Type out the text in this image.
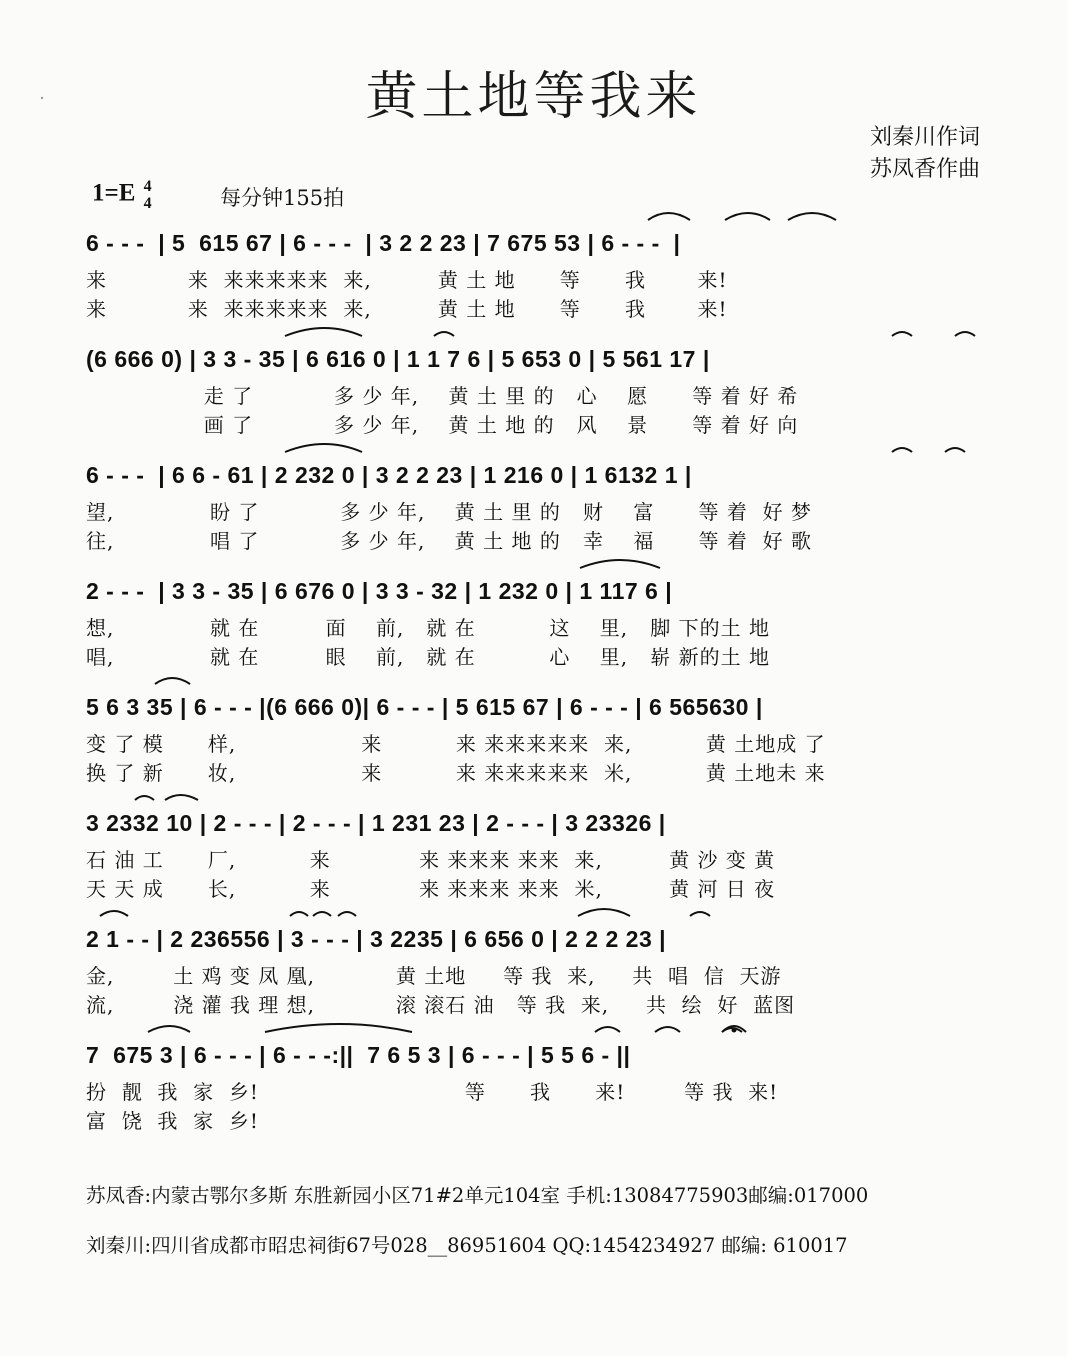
黄土地等我来
刘秦川作词
苏凤香作曲
1=E 4
4	每分钟155拍
6 - - -  | 5  615 67 | 6 - - -  | 3 2 2 23 | 7 675 53 | 6 - - -  |
来           来  来来来来来  来,         黄 土 地      等      我       来!
来           来  来来来来来  来,         黄 土 地      等      我       来!
(6 666 0) | 3 3 - 35 | 6 616 0 | 1 1 7 6 | 5 653 0 | 5 561 17 |
走 了           多 少 年,    黄 土 里 的   心    愿      等 着 好 希
画 了           多 少 年,    黄 土 地 的   风    景      等 着 好 向
6 - - -  | 6 6 - 61 | 2 232 0 | 3 2 2 23 | 1 216 0 | 1 6132 1 |
望,             盼 了           多 少 年,    黄 土 里 的   财    富      等 着  好 梦
往,             唱 了           多 少 年,    黄 土 地 的   幸    福      等 着  好 歌
2 - - -  | 3 3 - 35 | 6 676 0 | 3 3 - 32 | 1 232 0 | 1 117 6 |
想,             就 在         面    前,   就 在          这    里,   脚 下的土 地
唱,             就 在         眼    前,   就 在          心    里,   崭 新的土 地
5 6 3 35 | 6 - - - |(6 666 0)| 6 - - - | 5 615 67 | 6 - - - | 6 565630 |
变 了 模      样,                 来          来 来来来来来  来,          黄 土地成 了
换 了 新      妆,                 来          来 来来来来来  米,          黄 土地未 来
3 2332 10 | 2 - - - | 2 - - - | 1 231 23 | 2 - - - | 3 23326 |
石 油 工      厂,          来            来 来来来 来来  来,         黄 沙 变 黄
天 天 成      长,          来            来 来来来 来来  米,         黄 河 日 夜
2 1 - - | 2 236556 | 3 - - - | 3 2235 | 6 656 0 | 2 2 2 23 |
金,        土 鸡 变 凤 凰,           黄 土地     等 我  来,     共  唱  信  天游
流,        浇 灌 我 理 想,           滚 滚石 油   等 我  来,     共  绘  好  蓝图
7  675 3 | 6 - - - | 6 - - -:||  7 6 5 3 | 6 - - - | 5 5 6 - ||
扮  靓  我  家  乡!                            等      我      来!        等 我  来!
富  饶  我  家  乡!
苏凤香:内蒙古鄂尔多斯 东胜新园小区71#2单元104室 手机:13084775903邮编:017000
刘秦川:四川省成都市昭忠祠街67号028__86951604 QQ:1454234927 邮编: 610017
